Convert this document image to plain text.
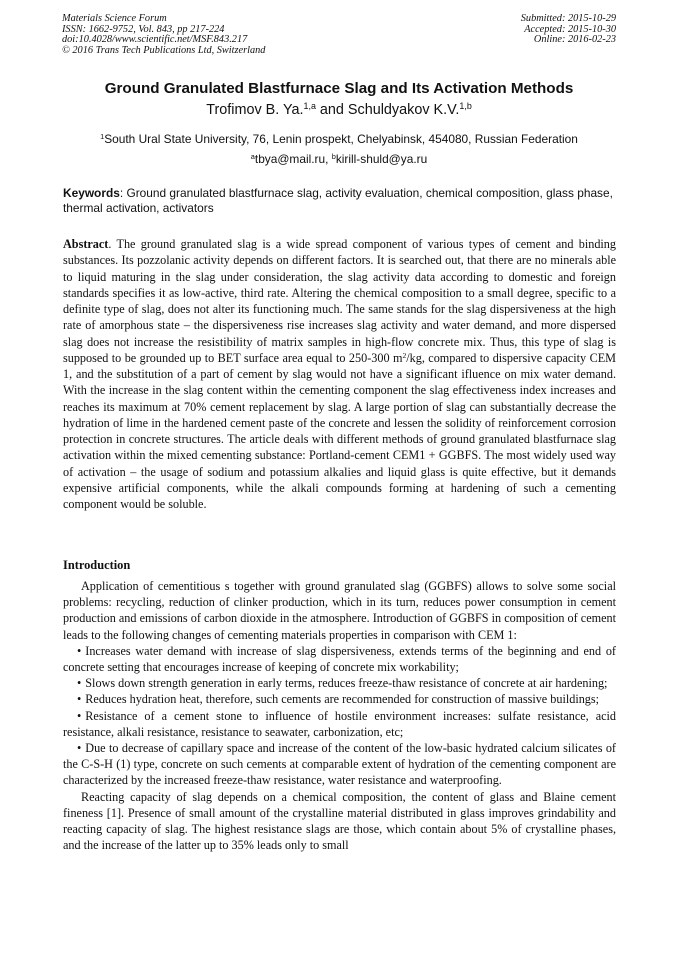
Materials Science Forum
ISSN: 1662-9752, Vol. 843, pp 217-224
doi:10.4028/www.scientific.net/MSF.843.217
© 2016 Trans Tech Publications Ltd, Switzerland
Submitted: 2015-10-29
Accepted: 2015-10-30
Online: 2016-02-23
Ground Granulated Blastfurnace Slag and Its Activation Methods
Trofimov B. Ya.$^{1,a}$ and Schuldyakov K.V.$^{1,b}$
$^1$South Ural State University, 76, Lenin prospekt, Chelyabinsk, 454080, Russian Federation
$^a$tbya@mail.ru, $^b$kirill-shuld@ya.ru
Keywords: Ground granulated blastfurnace slag, activity evaluation, chemical composition, glass phase, thermal activation, activators
Abstract. The ground granulated slag is a wide spread component of various types of cement and binding substances. Its pozzolanic activity depends on different factors. It is searched out, that there are no minerals able to liquid maturing in the slag under consideration, the slag activity data according to domestic and foreign standards specifies it as low-active, third rate. Altering the chemical composition to a small degree, specific to a definite type of slag, does not alter its functioning much. The same stands for the slag dispersiveness at the high rate of amorphous state – the dispersiveness rise increases slag activity and water demand, and more dispersed slag does not increase the resistibility of matrix samples in high-flow concrete mix. Thus, this type of slag is supposed to be grounded up to BET surface area equal to 250-300 $m^2/kg$, compared to dispersive capacity CEM 1, and the substitution of a part of cement by slag would not have a significant ifluence on mix water demand. With the increase in the slag content within the cementing component the slag effectiveness index increases and reaches its maximum at 70% cement replacement by slag. A large portion of slag can substantially decrease the hydration of lime in the hardened cement paste of the concrete and lessen the solidity of reinforcement corrosion protection in concrete structures. The article deals with different methods of ground granulated blastfurnace slag activation within the mixed cementing substance: Portland-cement CEM1 + GGBFS. The most widely used way of activation – the usage of sodium and potassium alkalies and liquid glass is quite effective, but it demands expensive artificial components, while the alkali compounds forming at hardening of such a cementing component would be soluble.
Introduction

Application of cementitious s together with ground granulated slag (GGBFS) allows to solve some social problems: recycling, reduction of clinker production, which in its turn, reduces power consumption in cement production and emissions of carbon dioxide in the atmosphere. Introduction of GGBFS in composition of cement leads to the following changes of cementing materials properties in comparison with CEM 1:

• Increases water demand with increase of slag dispersiveness, extends terms of the beginning and end of concrete setting that encourages increase of keeping of concrete mix workability;
• Slows down strength generation in early terms, reduces freeze-thaw resistance of concrete at air hardening;
• Reduces hydration heat, therefore, such cements are recommended for construction of massive buildings;
• Resistance of a cement stone to influence of hostile environment increases: sulfate resistance, acid resistance, alkali resistance, resistance to seawater, carbonization, etc;
• Due to decrease of capillary space and increase of the content of the low-basic hydrated calcium silicates of the C-S-H (1) type, concrete on such cements at comparable extent of hydration of the cementing component are characterized by the increased freeze-thaw resistance, water resistance and waterproofing.

Reacting capacity of slag depends on a chemical composition, the content of glass and Blaine cement fineness [1]. Presence of small amount of the crystalline material distributed in glass improves grindability and reacting capacity of slag. The highest resistance slags are those, which contain about 5% of crystalline phases, and the increase of the latter up to 35% leads only to small
